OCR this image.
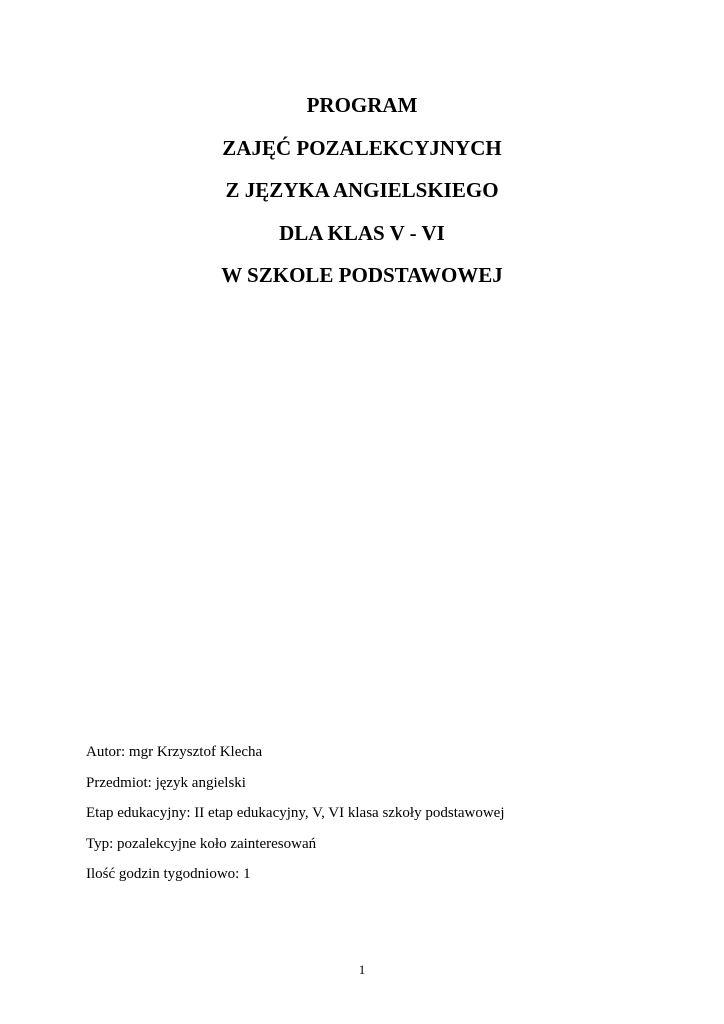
PROGRAM
ZAJĘĆ POZALEKCYJNYCH
Z JĘZYKA ANGIELSKIEGO
DLA KLAS V - VI
W SZKOLE PODSTAWOWEJ
Autor: mgr Krzysztof Klecha
Przedmiot: język angielski
Etap edukacyjny: II etap edukacyjny, V, VI klasa szkoły podstawowej
Typ: pozalekcyjne koło zainteresowań
Ilość godzin tygodniowo: 1
1
